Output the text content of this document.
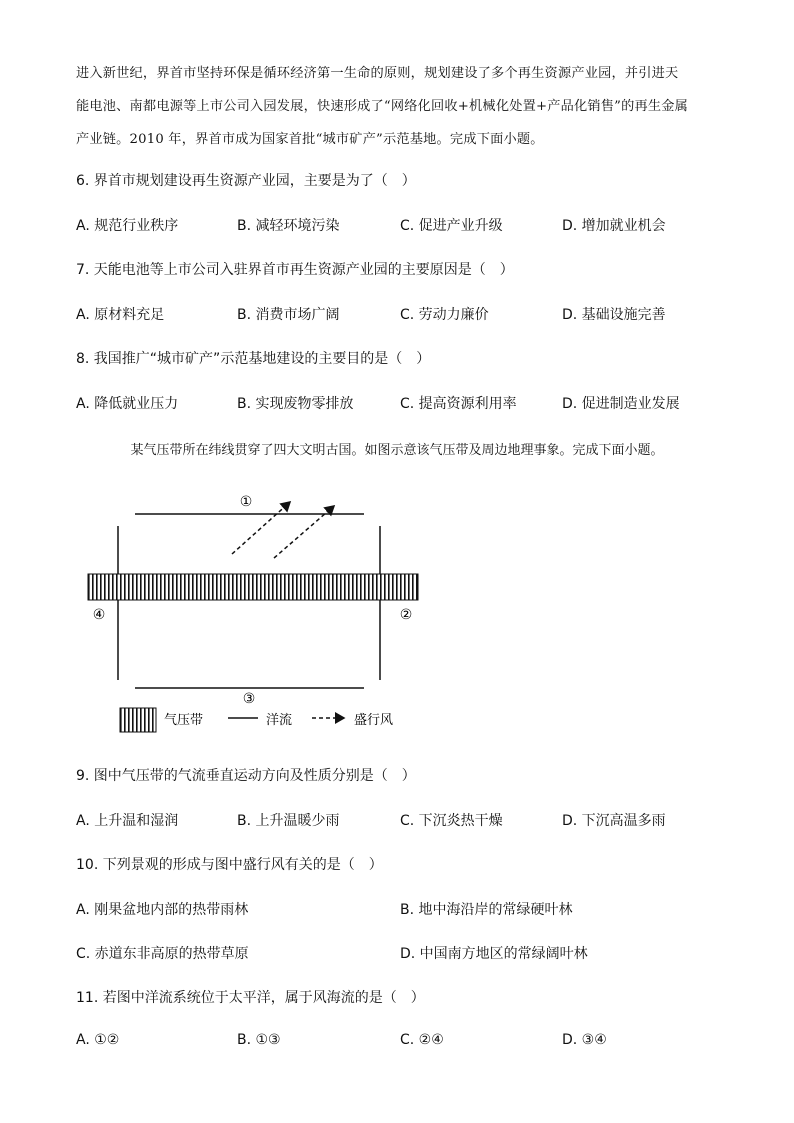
进入新世纪，界首市坚持环保是循环经济第一生命的原则，规划建设了多个再生资源产业园，并引进天
能电池、南都电源等上市公司入园发展，快速形成了“网络化回收+机械化处置+产品化销售”的再生金属
产业链。2010 年，界首市成为国家首批“城市矿产”示范基地。完成下面小题。
6. 界首市规划建设再生资源产业园，主要是为了（　）
A. 规范行业秩序	B. 减轻环境污染	C. 促进产业升级	D. 增加就业机会
7. 天能电池等上市公司入驻界首市再生资源产业园的主要原因是（　）
A. 原材料充足	B. 消费市场广阔	C. 劳动力廉价	D. 基础设施完善
8. 我国推广“城市矿产”示范基地建设的主要目的是（　）
A. 降低就业压力	B. 实现废物零排放	C. 提高资源利用率	D. 促进制造业发展
某气压带所在纬线贯穿了四大文明古国。如图示意该气压带及周边地理事象。完成下面小题。
①
②
③
④
气压带	洋流	盛行风
9. 图中气压带的气流垂直运动方向及性质分别是（　）
A. 上升温和湿润	B. 上升温暖少雨	C. 下沉炎热干燥	D. 下沉高温多雨
10. 下列景观的形成与图中盛行风有关的是（　）
A. 刚果盆地内部的热带雨林	B. 地中海沿岸的常绿硬叶林
C. 赤道东非高原的热带草原	D. 中国南方地区的常绿阔叶林
11. 若图中洋流系统位于太平洋，属于风海流的是（　）
A. ①②	B. ①③	C. ②④	D. ③④
